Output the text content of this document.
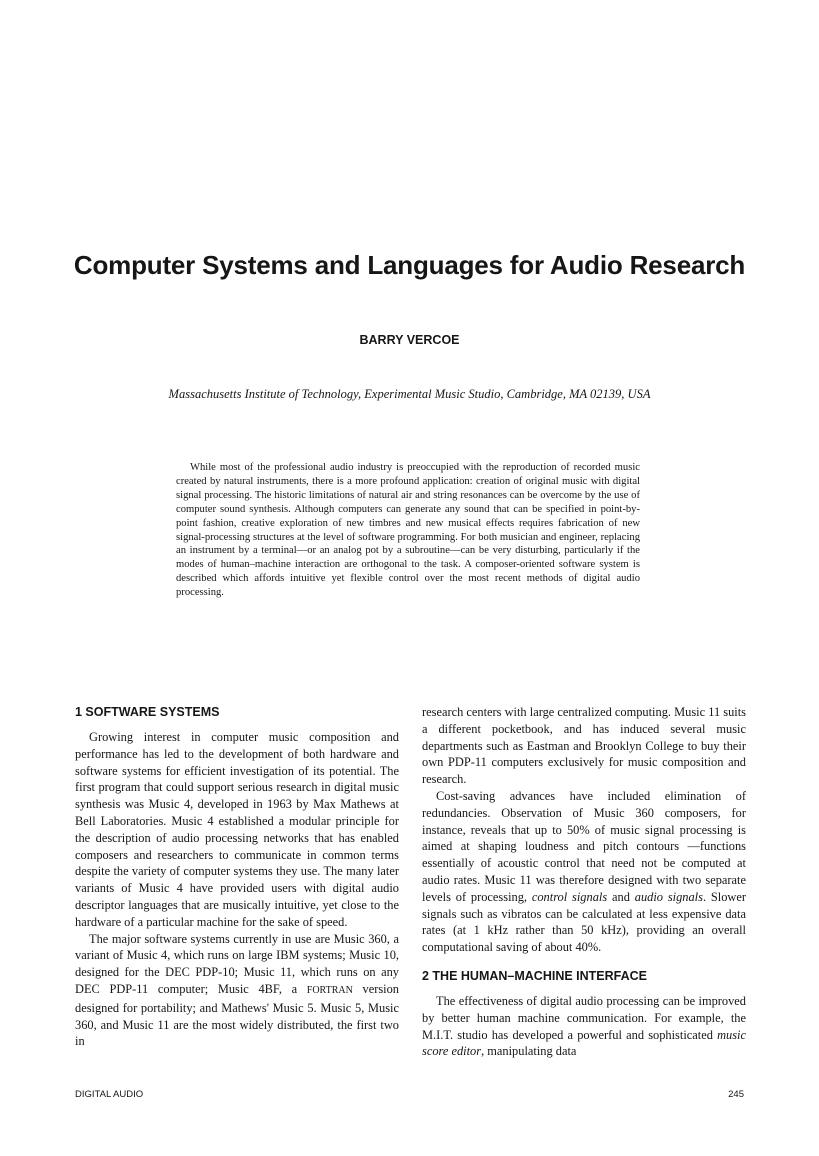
Computer Systems and Languages for Audio Research
BARRY VERCOE
Massachusetts Institute of Technology, Experimental Music Studio, Cambridge, MA 02139, USA

While most of the professional audio industry is preoccupied with the reproduction of recorded music created by natural instruments, there is a more profound application: creation of original music with digital signal processing. The historic limitations of natural air and string resonances can be overcome by the use of computer sound synthesis. Although computers can generate any sound that can be specified in point-by-point fashion, creative exploration of new timbres and new musical effects requires fabrication of new signal-processing structures at the level of software programming. For both musician and engineer, replacing an instrument by a terminal—or an analog pot by a subroutine—can be very disturbing, particularly if the modes of human–machine interaction are orthogonal to the task. A composer-oriented software system is described which affords intuitive yet flexible control over the most recent methods of digital audio processing.

1 SOFTWARE SYSTEMS

Growing interest in computer music composition and performance has led to the development of both hardware and software systems for efficient investigation of its potential. The first program that could support serious research in digital music synthesis was Music 4, developed in 1963 by Max Mathews at Bell Laboratories. Music 4 established a modular principle for the description of audio processing networks that has enabled composers and researchers to communicate in common terms despite the variety of computer systems they use. The many later variants of Music 4 have provided users with digital audio descriptor languages that are musically intuitive, yet close to the hardware of a particular machine for the sake of speed.

The major software systems currently in use are Music 360, a variant of Music 4, which runs on large IBM systems; Music 10, designed for the DEC PDP-10; Music 11, which runs on any DEC PDP-11 computer; Music 4BF, a FORTRAN version designed for portability; and Mathews' Music 5. Music 5, Music 360, and Music 11 are the most widely distributed, the first two in

research centers with large centralized computing. Music 11 suits a different pocketbook, and has induced several music departments such as Eastman and Brooklyn College to buy their own PDP-11 computers exclusively for music composition and research.

Cost-saving advances have included elimination of redundancies. Observation of Music 360 composers, for instance, reveals that up to 50% of music signal processing is aimed at shaping loudness and pitch contours —functions essentially of acoustic control that need not be computed at audio rates. Music 11 was therefore designed with two separate levels of processing, control signals and audio signals. Slower signals such as vibratos can be calculated at less expensive data rates (at 1 kHz rather than 50 kHz), providing an overall computational saving of about 40%.

2 THE HUMAN–MACHINE INTERFACE

The effectiveness of digital audio processing can be improved by better human machine communication. For example, the M.I.T. studio has developed a powerful and sophisticated music score editor, manipulating data

DIGITAL AUDIO	245
